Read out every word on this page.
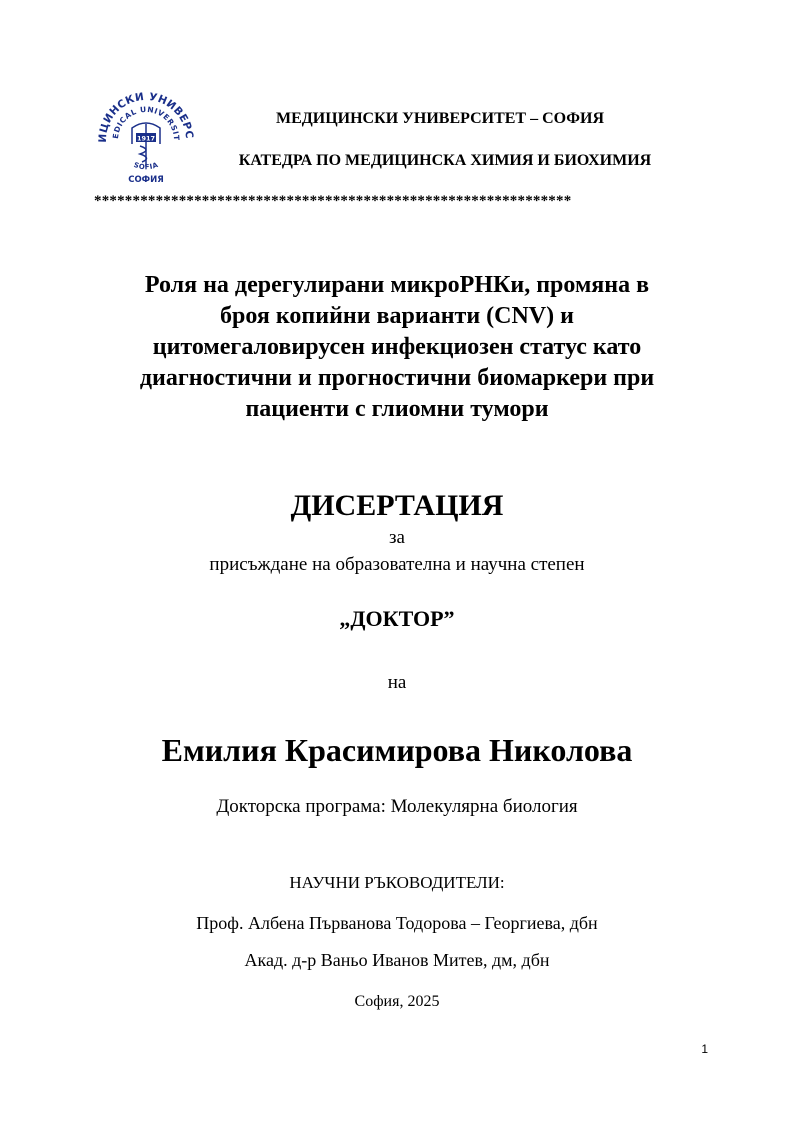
ИЦИНСКИ УНИВЕРС
EDICAL UNIVERSIT
SOFIA
СОФИЯ
1917
МЕДИЦИНСКИ УНИВЕРСИТЕТ – СОФИЯ
КАТЕДРА ПО МЕДИЦИНСКА ХИМИЯ И БИОХИМИЯ
**************************************************************
Роля на дерегулирани микроРНКи, промяна в
броя копийни варианти (CNV) и
цитомегаловирусен инфекциозен статус като
диагностични и прогностични биомаркери при
пациенти с глиомни тумори
ДИСЕРТАЦИЯ
за
присъждане на образователна и научна степен
„ДОКТОР”
на
Емилия Красимирова Николова
Докторска програма: Молекулярна биология
НАУЧНИ РЪКОВОДИТЕЛИ:
Проф. Албена Първанова Тодорова – Георгиева, дбн
Акад. д-р Ваньо Иванов Митев, дм, дбн
София, 2025
1
